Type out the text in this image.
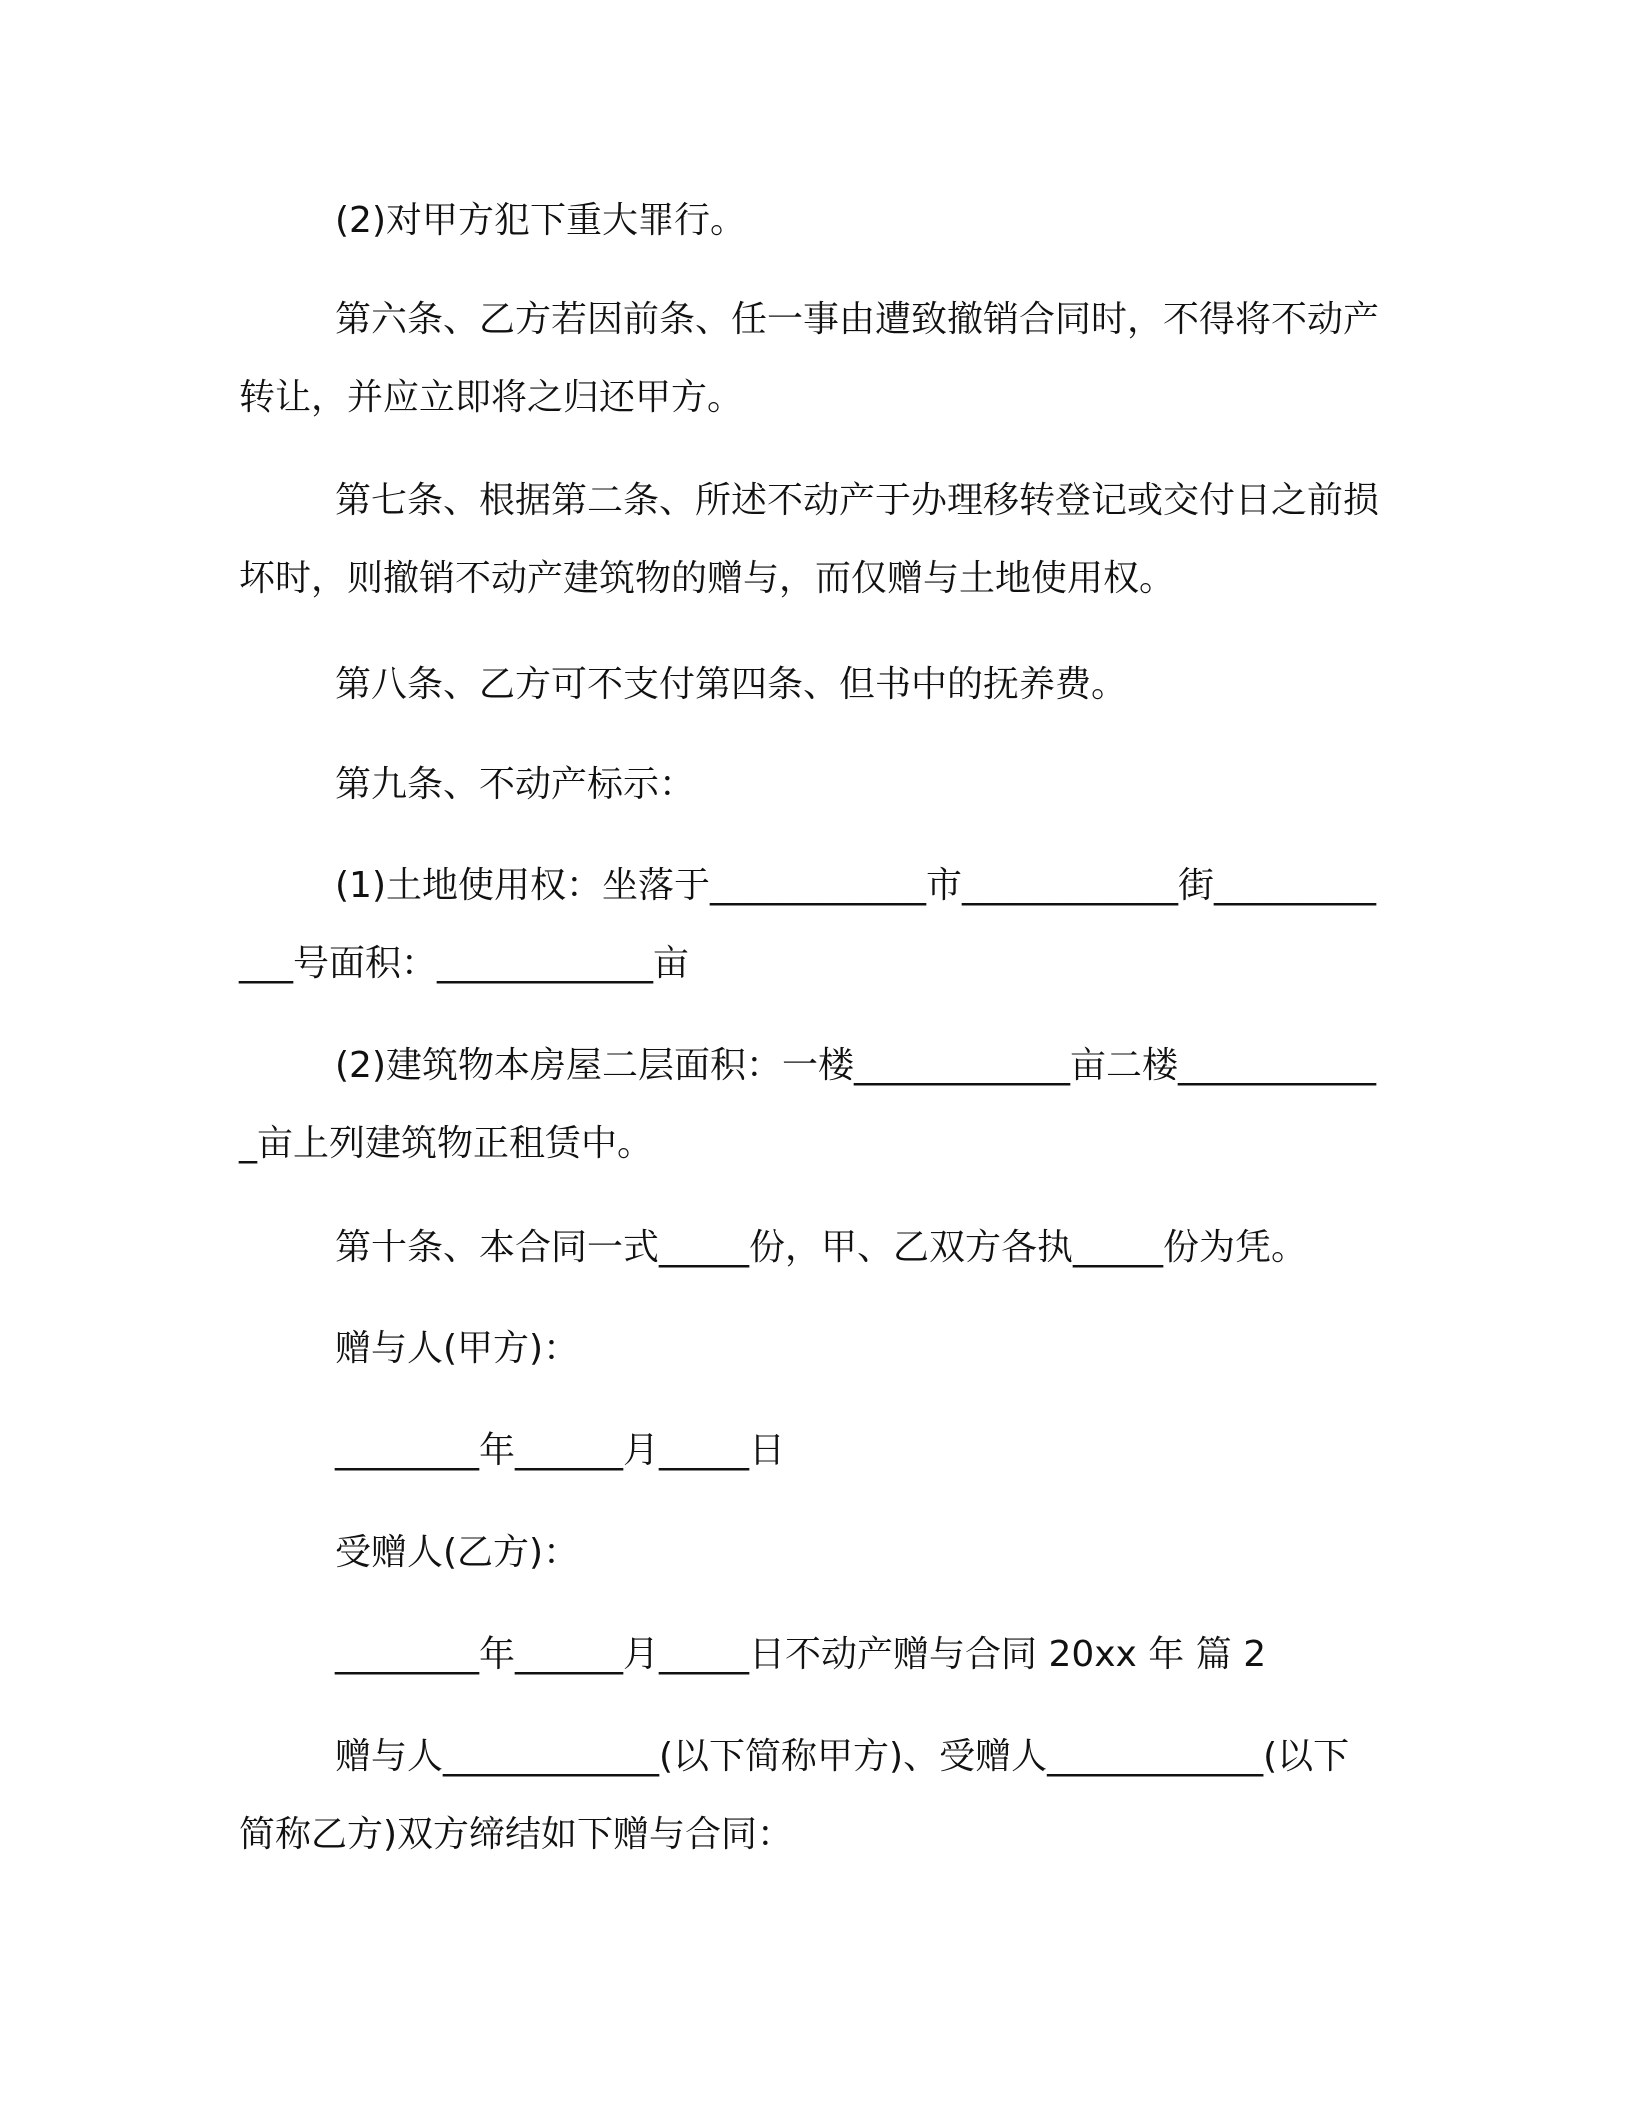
(2)对甲方犯下重大罪行。

第六条、乙方若因前条、任一事由遭致撤销合同时，不得将不动产转让，并应立即将之归还甲方。

第七条、根据第二条、所述不动产于办理移转登记或交付日之前损坏时，则撤销不动产建筑物的赠与，而仅赠与土地使用权。

第八条、乙方可不支付第四条、但书中的抚养费。

第九条、不动产标示：

(1)土地使用权：坐落于____________市____________街____________号面积：____________亩

(2)建筑物本房屋二层面积：一楼____________亩二楼____________亩上列建筑物正租赁中。

第十条、本合同一式_____份，甲、乙双方各执_____份为凭。

赠与人(甲方)：

________年______月_____日

受赠人(乙方)：

________年______月_____日不动产赠与合同 20xx 年 篇 2

赠与人____________(以下简称甲方)、受赠人____________(以下简称乙方)双方缔结如下赠与合同：
